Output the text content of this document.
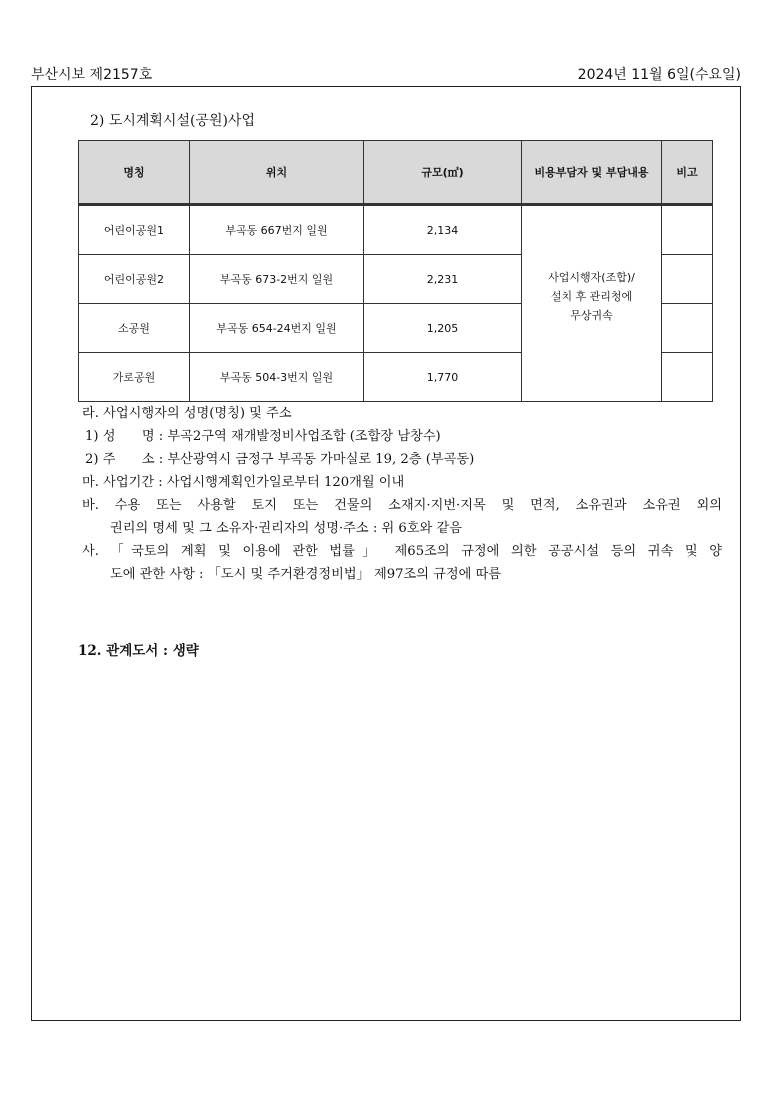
부산시보 제2157호	2024년 11월 6일(수요일)
2) 도시계획시설(공원)사업
명칭	위치	규모(㎡)	비용부담자 및 부담내용	비고
어린이공원1	부곡동 667번지 일원	2,134	사업시행자(조합)/
설치 후 관리청에
무상귀속	

어린이공원2	부곡동 673-2번지 일원	2,231		
소공원	부곡동 654-24번지 일원	1,205		
가로공원	부곡동 504-3번지 일원	1,770		
라. 사업시행자의 성명(명칭) 및 주소
1) 성　　명 : 부곡2구역 재개발정비사업조합 (조합장 남창수)
2) 주　　소 : 부산광역시 금정구 부곡동 가마실로 19, 2층 (부곡동)
마. 사업기간 : 사업시행계획인가일로부터 120개월 이내
바. 수용 또는 사용할 토지 또는 건물의 소재지·지번·지목 및 면적, 소유권과 소유권 외의
권리의 명세 및 그 소유자·권리자의 성명·주소 : 위 6호와 같음
사. 「국토의 계획 및 이용에 관한 법률」 제65조의 규정에 의한 공공시설 등의 귀속 및 양
도에 관한 사항 : 「도시 및 주거환경정비법」 제97조의 규정에 따름
12. 관계도서 : 생략
